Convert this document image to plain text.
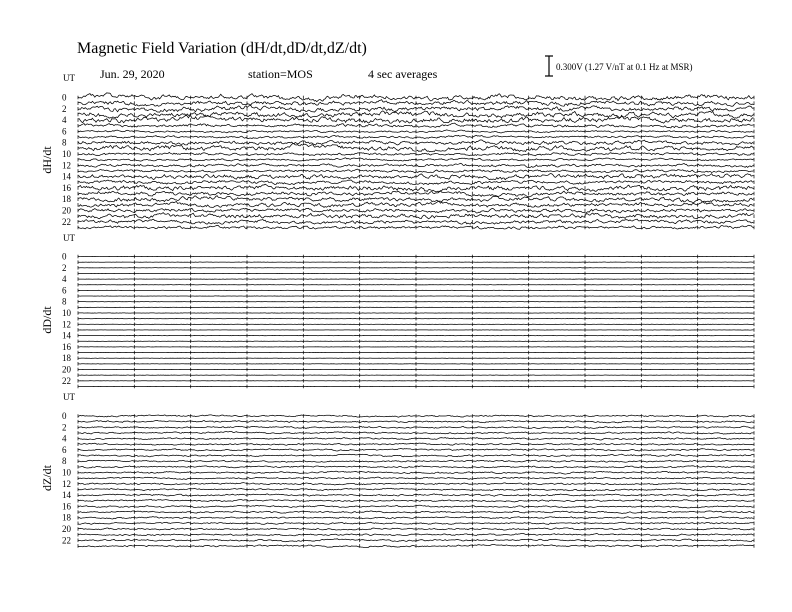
Magnetic Field Variation (dH/dt,dD/dt,dZ/dt)
Jun. 29, 2020	station=MOS	4 sec averages	0.300V (1.27 V/nT at 0.1 Hz at MSR)
UT
dH/dt
0
2
4
6
8
10
12
14
16
18
20
22
UT
dD/dt
0
2
4
6
8
10
12
14
16
18
20
22
UT
dZ/dt
0
2
4
6
8
10
12
14
16
18
20
22
